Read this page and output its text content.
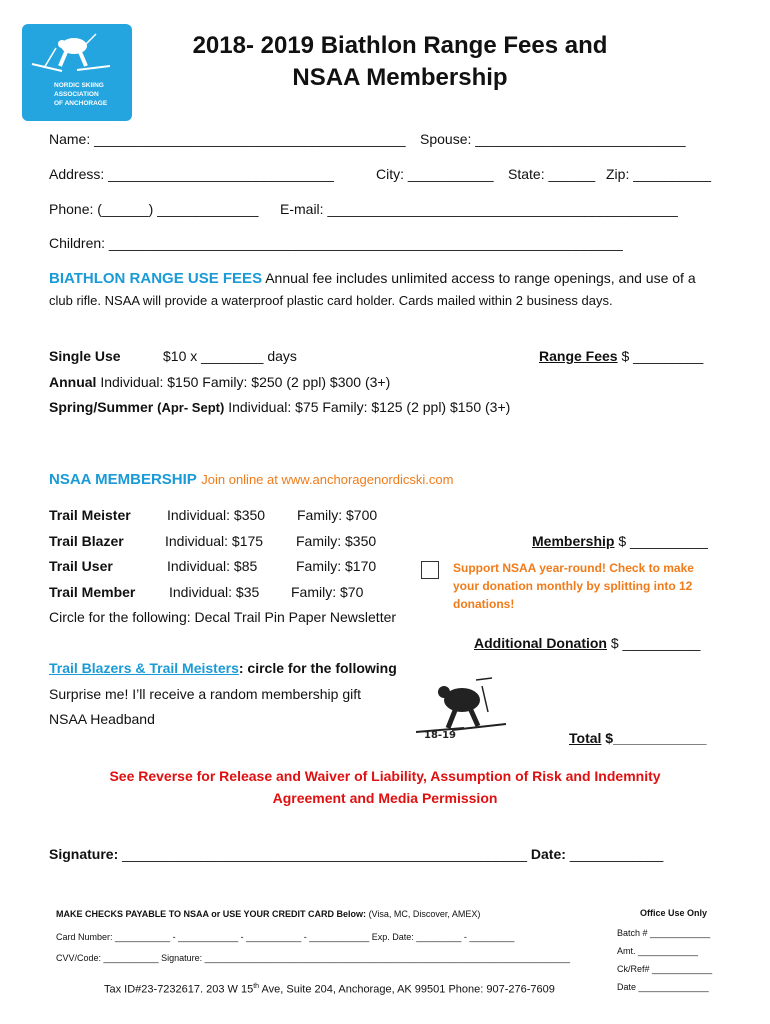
NORDIC SKIING
ASSOCIATION
OF ANCHORAGE
2018- 2019 Biathlon Range Fees and
NSAA Membership
Name: ________________________________________ Spouse: ___________________________
Address: _____________________________	City: ___________ State: ______ Zip: __________
Phone: (______) _____________ E-mail: _____________________________________________
Children: __________________________________________________________________
BIATHLON RANGE USE FEES Annual fee includes unlimited access to range openings, and use of a
club rifle. NSAA will provide a waterproof plastic card holder. Cards mailed within 2 business days.
Single Use	$10 x ________ days	Range Fees $ _________
Annual Individual: $150 Family: $250 (2 ppl) $300 (3+)
Spring/Summer (Apr- Sept) Individual: $75 Family: $125 (2 ppl) $150 (3+)
NSAA MEMBERSHIP Join online at www.anchoragenordicski.com
Trail Meister	Individual: $350 Family: $700
Trail Blazer	Individual: $175 Family: $350
Trail User	Individual: $85	Family: $170
Trail Member Individual: $35 Family: $70
Circle for the following: Decal Trail Pin Paper Newsletter
Membership $ __________
Support NSAA year-round! Check to make
your donation monthly by splitting into 12
donations!
Additional Donation $ __________
Trail Blazers & Trail Meisters: circle for the following
Surprise me! I’ll receive a random membership gift
NSAA Headband
18-19	Total $____________
See Reverse for Release and Waiver of Liability, Assumption of Risk and Indemnity
Agreement and Media Permission
Signature: ____________________________________________________ Date: ____________
MAKE CHECKS PAYABLE TO NSAA or USE YOUR CREDIT CARD Below: (Visa, MC, Discover, AMEX)
Card Number: ___________ - ____________ - ___________ - ____________ Exp. Date: _________ - _________
CVV/Code: ___________ Signature: _________________________________________________________________________
Office Use Only
Batch # ____________
Amt. ____________
Ck/Ref# ____________
Date ______________
Tax ID#23-7232617. 203 W 15th Ave, Suite 204, Anchorage, AK 99501 Phone: 907-276-7609
